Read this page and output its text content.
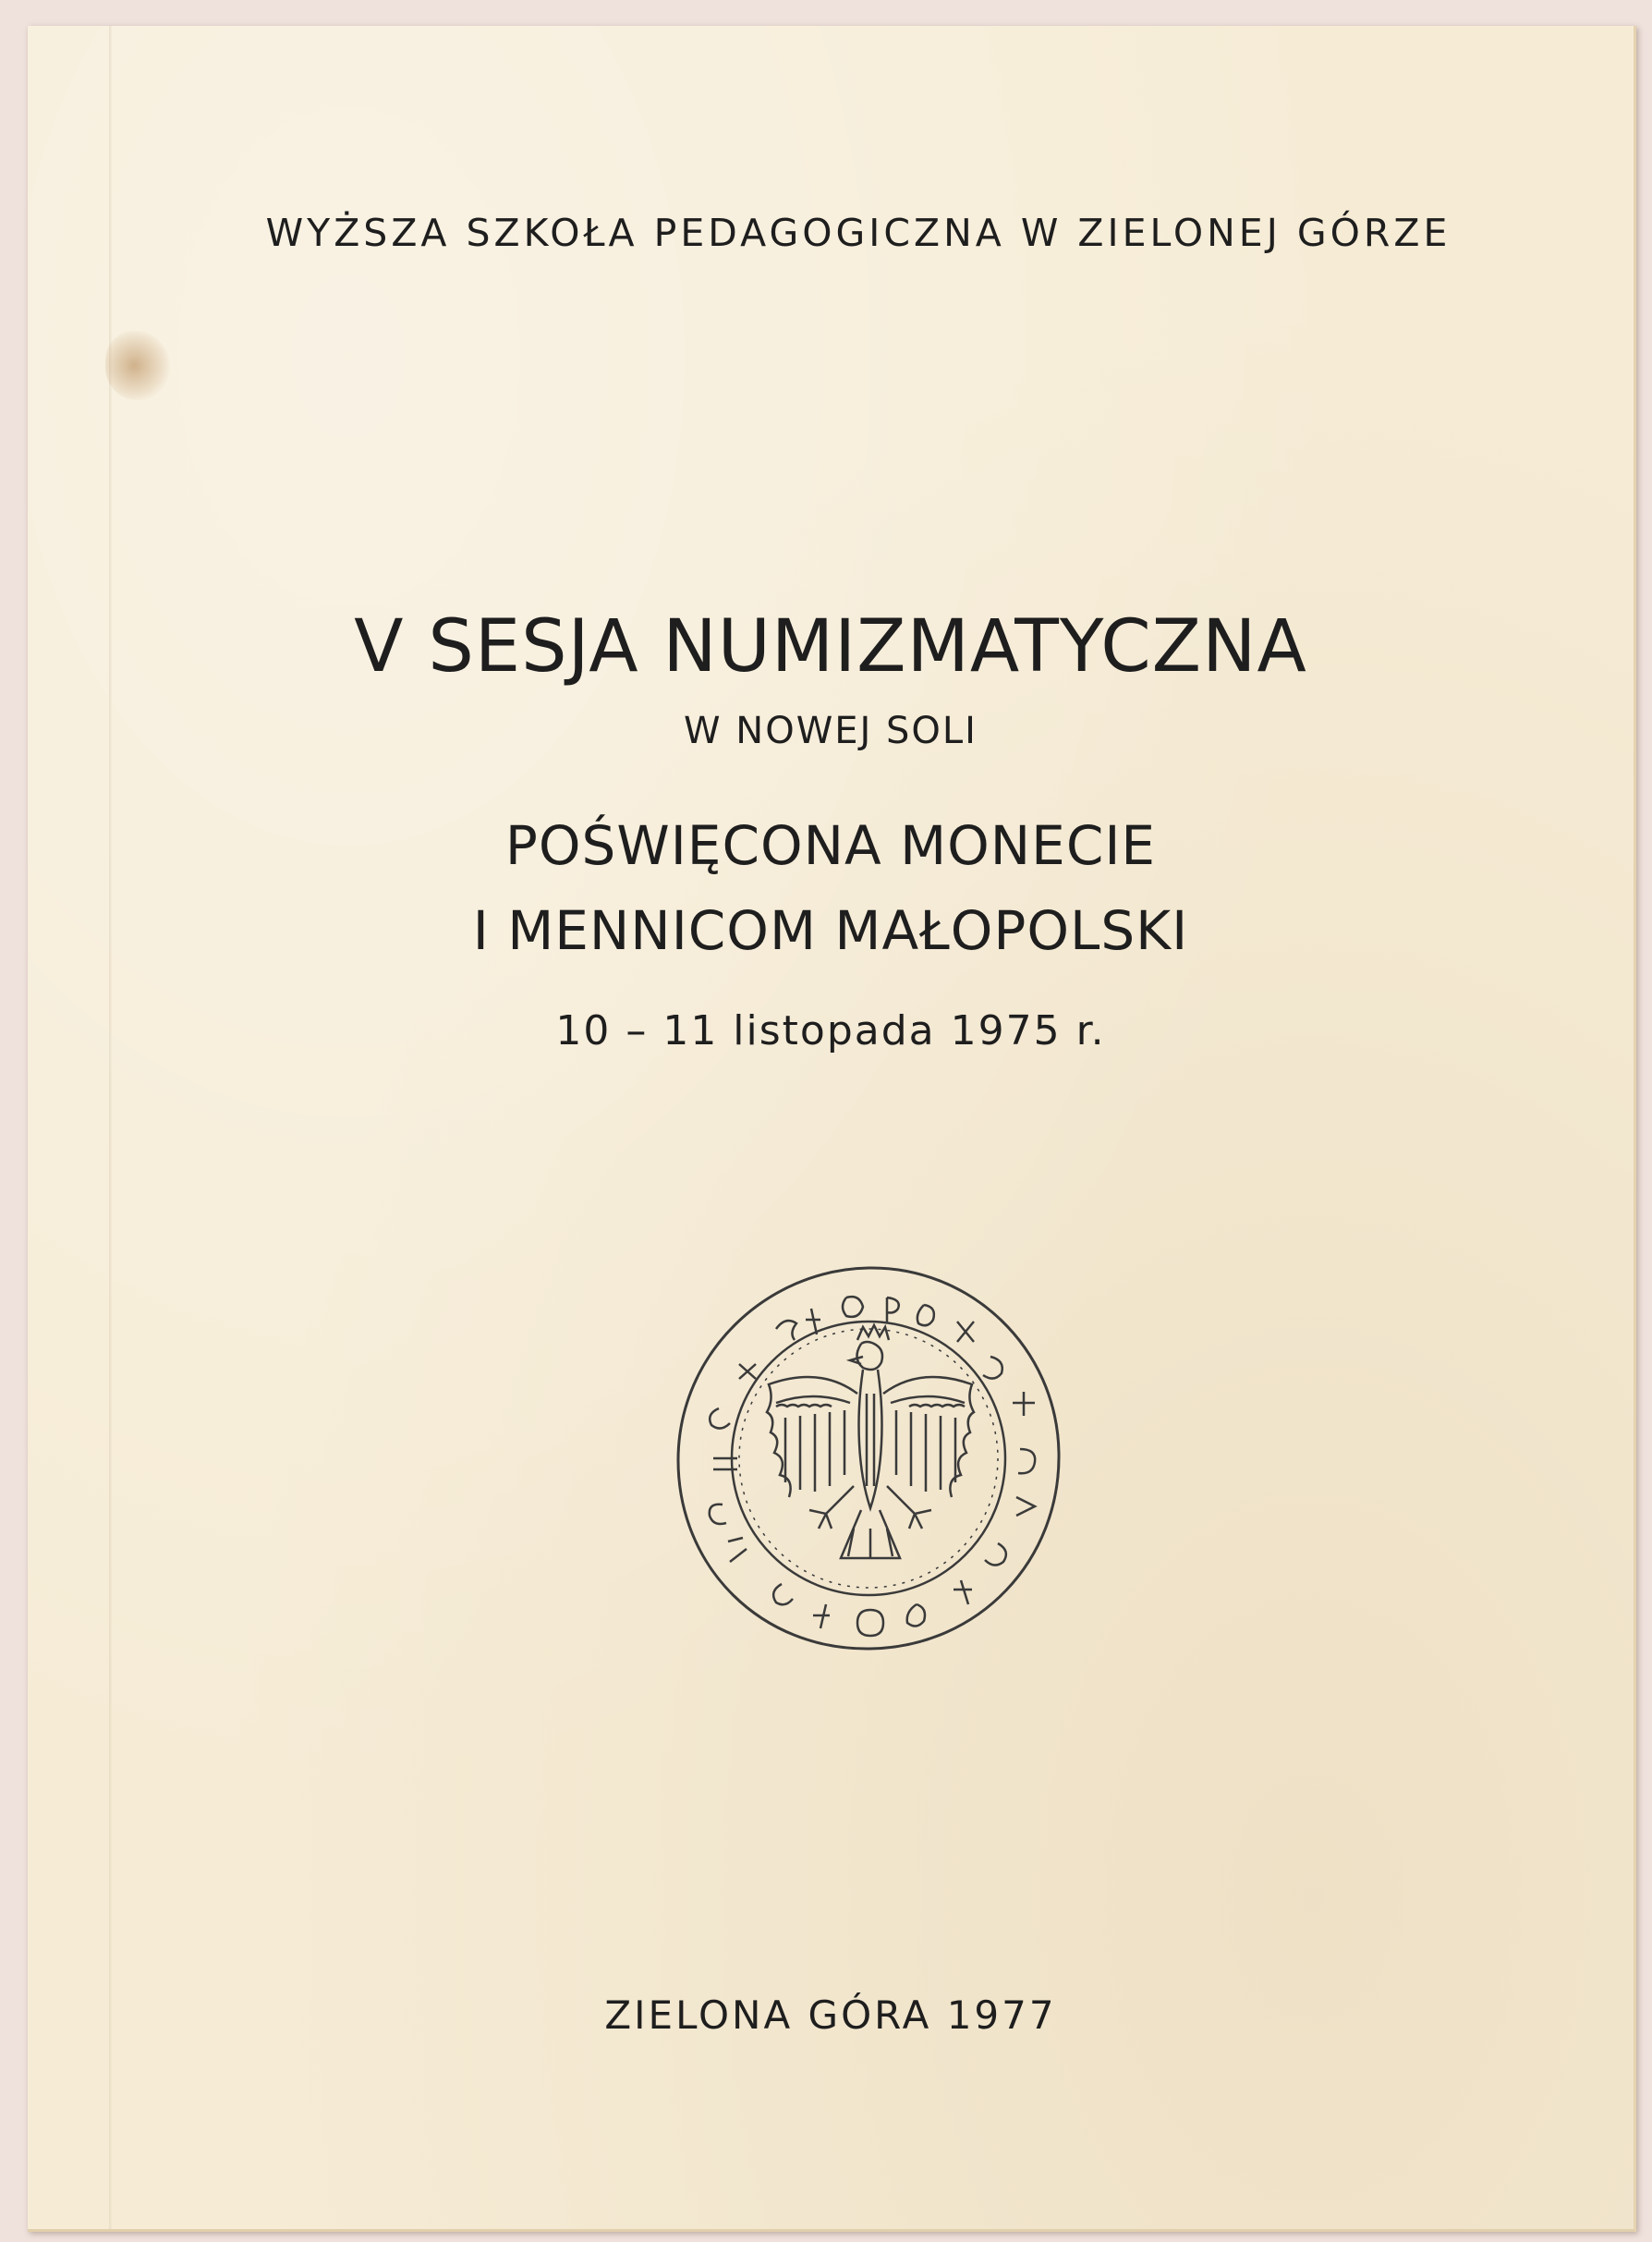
WYŻSZA SZKOŁA PEDAGOGICZNA W ZIELONEJ GÓRZE

V SESJA NUMIZMATYCZNA

W NOWEJ SOLI

POŚWIĘCONA MONECIE

I MENNICOM MAŁOPOLSKI

10 – 11 listopada 1975 r.

ZIELONA GÓRA 1977
